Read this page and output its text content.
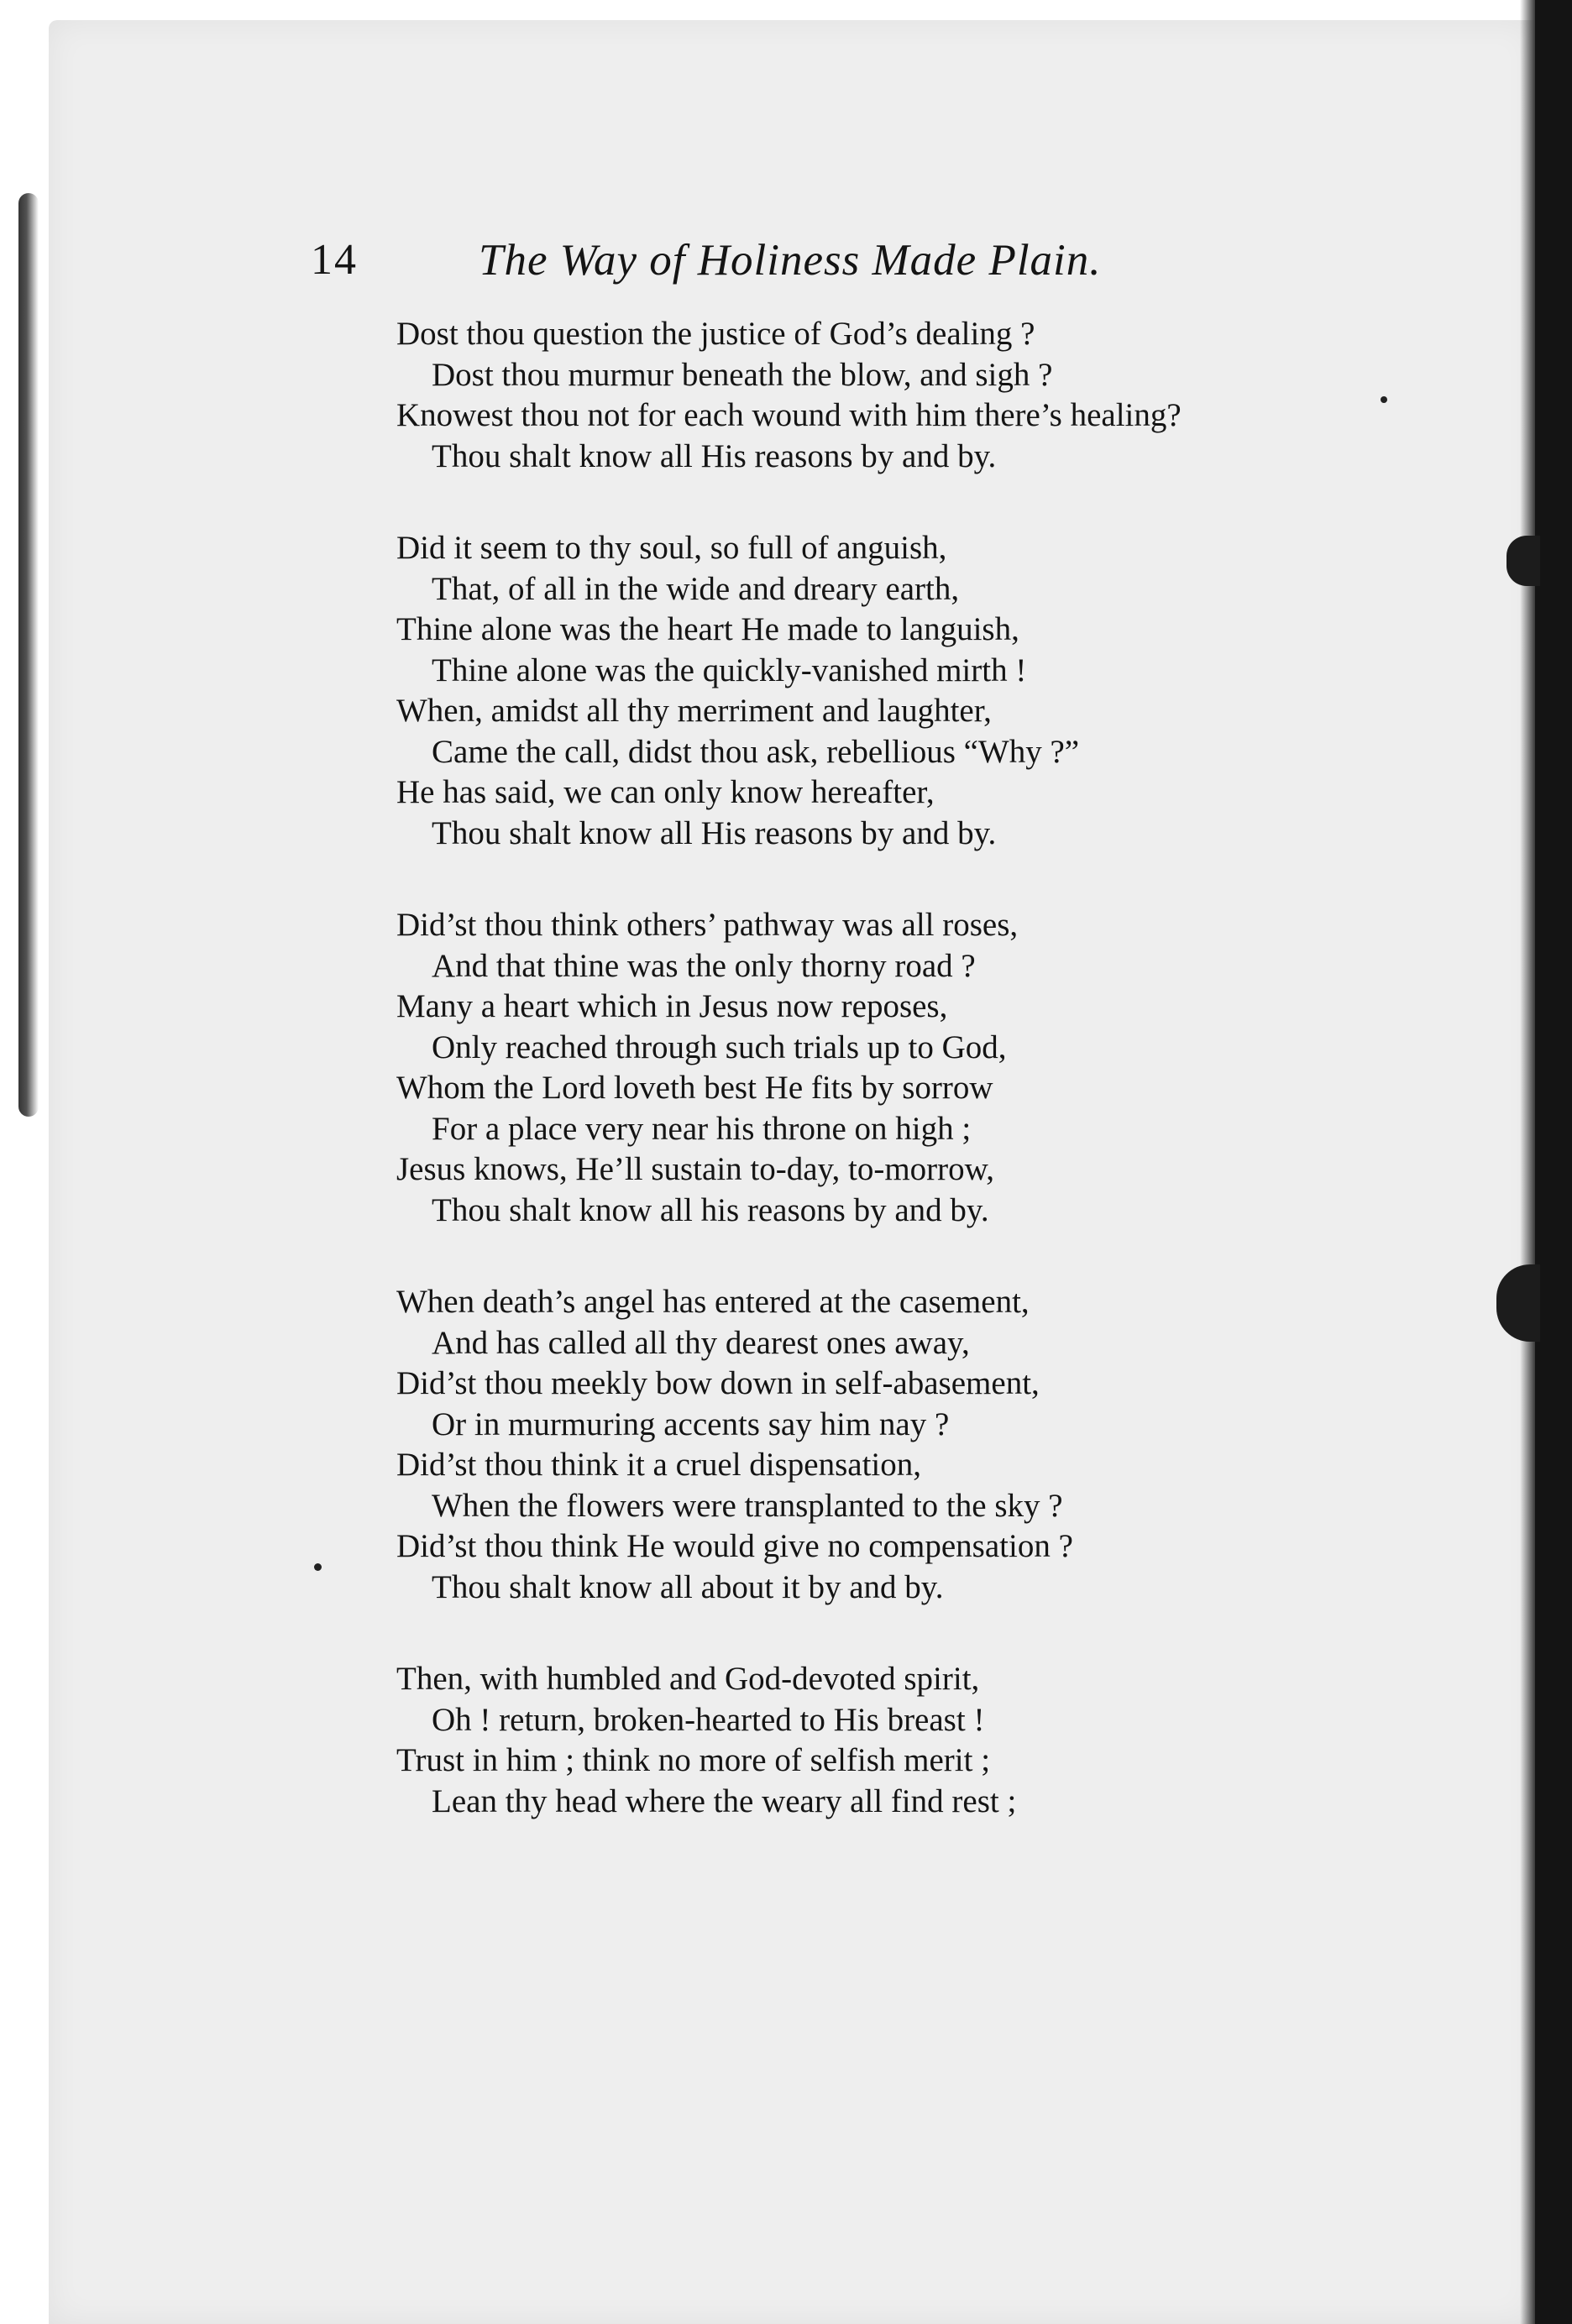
14	The Way of Holiness Made Plain.
Dost thou question the justice of God’s dealing ?
Dost thou murmur beneath the blow, and sigh ?
Knowest thou not for each wound with him there’s healing?
Thou shalt know all His reasons by and by.
Did it seem to thy soul, so full of anguish,
That, of all in the wide and dreary earth,
Thine alone was the heart He made to languish,
Thine alone was the quickly-vanished mirth !
When, amidst all thy merriment and laughter,
Came the call, didst thou ask, rebellious “Why ?”
He has said, we can only know hereafter,
Thou shalt know all His reasons by and by.
Did’st thou think others’ pathway was all roses,
And that thine was the only thorny road ?
Many a heart which in Jesus now reposes,
Only reached through such trials up to God,
Whom the Lord loveth best He fits by sorrow
For a place very near his throne on high ;
Jesus knows, He’ll sustain to-day, to-morrow,
Thou shalt know all his reasons by and by.
When death’s angel has entered at the casement,
And has called all thy dearest ones away,
Did’st thou meekly bow down in self-abasement,
Or in murmuring accents say him nay ?
Did’st thou think it a cruel dispensation,
When the flowers were transplanted to the sky ?
Did’st thou think He would give no compensation ?
Thou shalt know all about it by and by.
Then, with humbled and God-devoted spirit,
Oh ! return, broken-hearted to His breast !
Trust in him ; think no more of selfish merit ;
Lean thy head where the weary all find rest ;
